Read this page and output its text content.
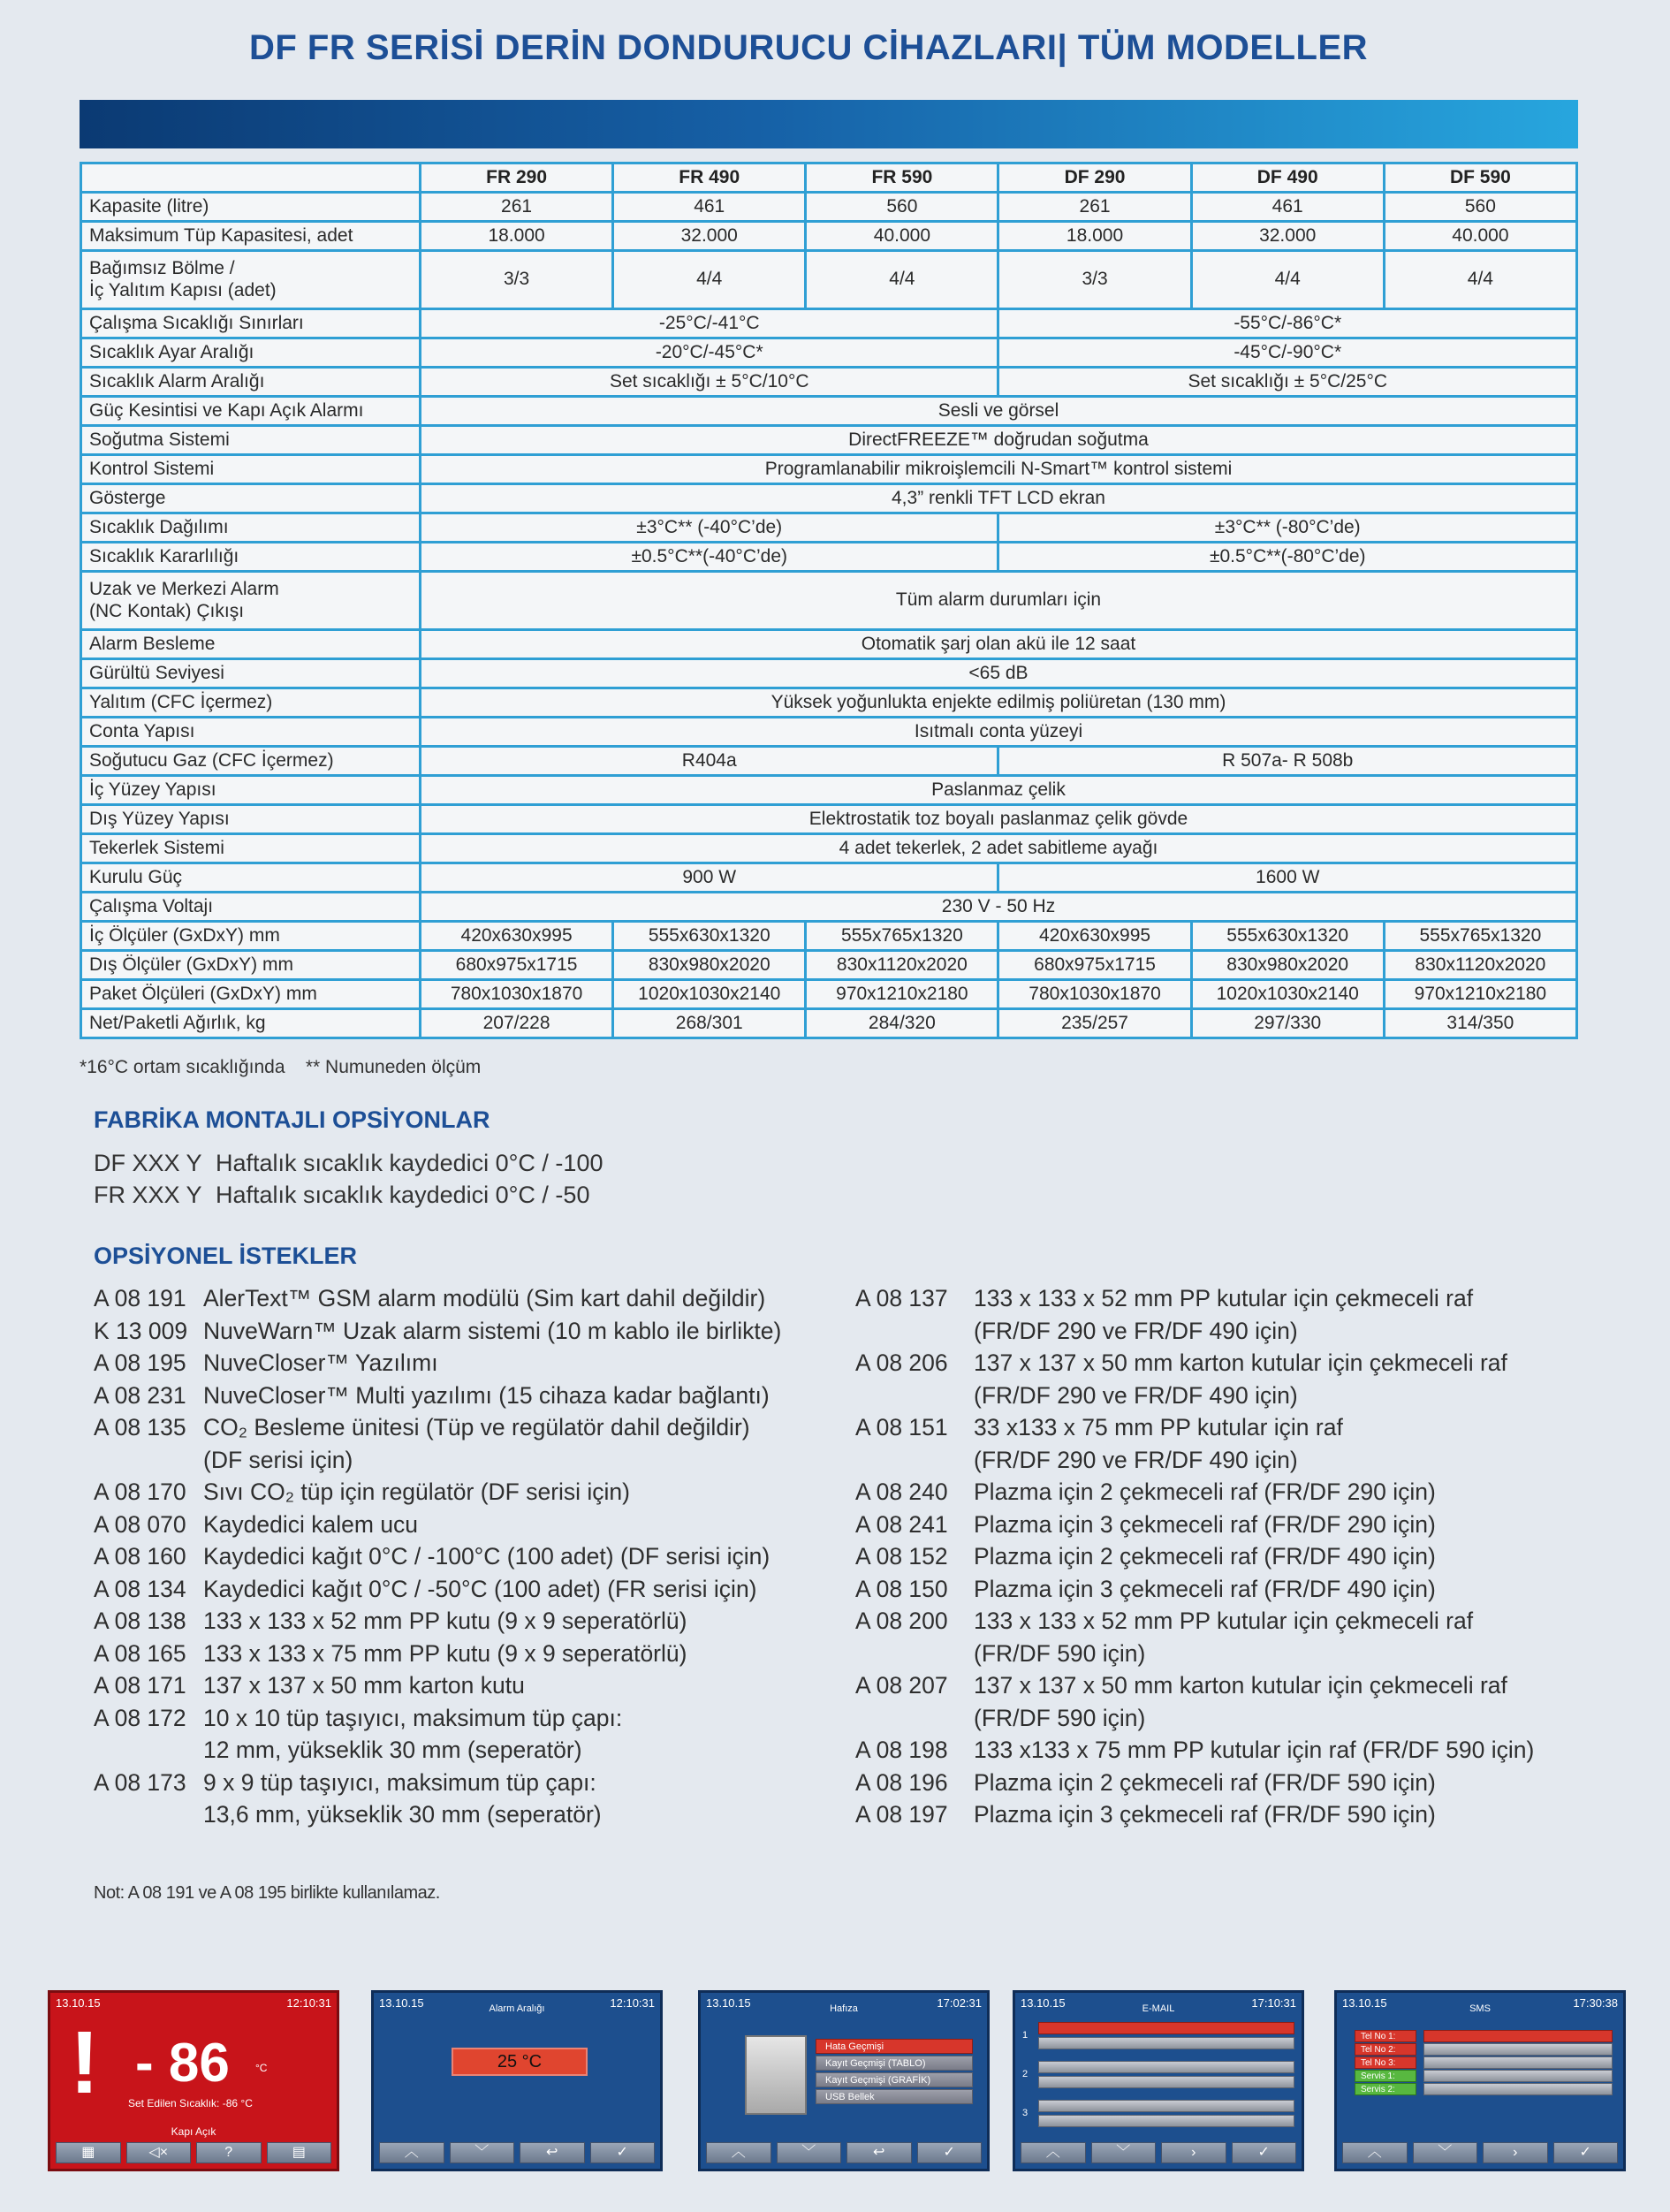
DF FR SERİSİ DERİN DONDURUCU CİHAZLARI| TÜM MODELLER
	FR 290	FR 490	FR 590	DF 290	DF 490	DF 590
Kapasite (litre)	261	461	560	261	461	560
Maksimum Tüp Kapasitesi, adet	18.000	32.000	40.000	18.000	32.000	40.000
Bağımsız Bölme /
İç Yalıtım Kapısı (adet)	3/3	4/4	4/4	3/3	4/4	4/4
Çalışma Sıcaklığı Sınırları	-25°C/-41°C			-55°C/-86°C*		
Sıcaklık Ayar Aralığı	-20°C/-45°C*			-45°C/-90°C*		
Sıcaklık Alarm Aralığı	Set sıcaklığı ± 5°C/10°C			Set sıcaklığı ± 5°C/25°C		
Güç Kesintisi ve Kapı Açık Alarmı	Sesli ve görsel					
Soğutma Sistemi	DirectFREEZE™ doğrudan soğutma					
Kontrol Sistemi	Programlanabilir mikroişlemcili N-Smart™ kontrol sistemi					
Gösterge	4,3” renkli TFT LCD ekran					
Sıcaklık Dağılımı	±3°C** (-40°C’de)			±3°C** (-80°C’de)		
Sıcaklık Kararlılığı	±0.5°C**(-40°C’de)			±0.5°C**(-80°C’de)		
Uzak ve Merkezi Alarm
(NC Kontak) Çıkışı	Tüm alarm durumları için					
Alarm Besleme	Otomatik şarj olan akü ile 12 saat					
Gürültü Seviyesi	<65 dB					
Yalıtım (CFC İçermez)	Yüksek yoğunlukta enjekte edilmiş poliüretan (130 mm)					
Conta Yapısı	Isıtmalı conta yüzeyi					
Soğutucu Gaz (CFC İçermez)	R404a			R 507a- R 508b		
İç Yüzey Yapısı	Paslanmaz çelik					
Dış Yüzey Yapısı	Elektrostatik toz boyalı paslanmaz çelik gövde					
Tekerlek Sistemi	4 adet tekerlek, 2 adet sabitleme ayağı					
Kurulu Güç	900 W			1600 W		
Çalışma Voltajı	230 V - 50 Hz					
İç Ölçüler (GxDxY) mm	420x630x995	555x630x1320	555x765x1320	420x630x995	555x630x1320	555x765x1320
Dış Ölçüler (GxDxY) mm	680x975x1715	830x980x2020	830x1120x2020	680x975x1715	830x980x2020	830x1120x2020
Paket Ölçüleri (GxDxY) mm	780x1030x1870	1020x1030x2140	970x1210x2180	780x1030x1870	1020x1030x2140	970x1210x2180
Net/Paketli Ağırlık, kg	207/228	268/301	284/320	235/257	297/330	314/350
*16°C ortam sıcaklığında    ** Numuneden ölçüm
FABRİKA MONTAJLI OPSİYONLAR
DF XXX Y Haftalık sıcaklık kaydedici 0°C / -100
FR XXX Y Haftalık sıcaklık kaydedici 0°C / -50
OPSİYONEL İSTEKLER
A 08 191 AlerText™ GSM alarm modülü (Sim kart dahil değildir)
K 13 009 NuveWarn™ Uzak alarm sistemi (10 m kablo ile birlikte)
A 08 195 NuveCloser™ Yazılımı
A 08 231 NuveCloser™ Multi yazılımı (15 cihaza kadar bağlantı)
A 08 135 CO₂ Besleme ünitesi (Tüp ve regülatör dahil değildir)
(DF serisi için)
A 08 170 Sıvı CO₂ tüp için regülatör (DF serisi için)
A 08 070 Kaydedici kalem ucu
A 08 160 Kaydedici kağıt 0°C / -100°C (100 adet) (DF serisi için)
A 08 134 Kaydedici kağıt 0°C / -50°C (100 adet) (FR serisi için)
A 08 138 133 x 133 x 52 mm PP kutu (9 x 9 seperatörlü)
A 08 165 133 x 133 x 75 mm PP kutu (9 x 9 seperatörlü)
A 08 171 137 x 137 x 50 mm karton kutu
A 08 172 10 x 10 tüp taşıyıcı, maksimum tüp çapı:
12 mm, yükseklik 30 mm (seperatör)
A 08 173 9 x 9 tüp taşıyıcı, maksimum tüp çapı:
13,6 mm, yükseklik 30 mm (seperatör)
A 08 137	133 x 133 x 52 mm PP kutular için çekmeceli raf
(FR/DF 290 ve FR/DF 490 için)
A 08 206	137 x 137 x 50 mm karton kutular için çekmeceli raf
(FR/DF 290 ve FR/DF 490 için)
A 08 151	33 x133 x 75 mm PP kutular için raf
(FR/DF 290 ve FR/DF 490 için)
A 08 240	Plazma için 2 çekmeceli raf (FR/DF 290 için)
A 08 241	Plazma için 3 çekmeceli raf (FR/DF 290 için)
A 08 152	Plazma için 2 çekmeceli raf (FR/DF 490 için)
A 08 150	Plazma için 3 çekmeceli raf (FR/DF 490 için)
A 08 200	133 x 133 x 52 mm PP kutular için çekmeceli raf
(FR/DF 590 için)
A 08 207	137 x 137 x 50 mm karton kutular için çekmeceli raf
(FR/DF 590 için)
A 08 198	133 x133 x 75 mm PP kutular için raf (FR/DF 590 için)
A 08 196	Plazma için 2 çekmeceli raf (FR/DF 590 için)
A 08 197	Plazma için 3 çekmeceli raf (FR/DF 590 için)
Not: A 08 191 ve A 08 195 birlikte kullanılamaz.
13.10.15	12:10:31
! - 86 °C
Set Edilen Sıcaklık: -86 °C
Kapı Açık
▦	◁×	?	▤
13.10.15	Alarm Aralığı	12:10:31
25 °C
︿	﹀	↩	✓
13.10.15	Hafıza	17:02:31
Hata Geçmişi
Kayıt Geçmişi (TABLO)
Kayıt Geçmişi (GRAFİK)
USB Bellek
︿	﹀	↩	✓
13.10.15	E-MAIL	17:10:31
1
2
3
︿	﹀	›	✓
13.10.15	SMS	17:30:38
Tel No 1:
Tel No 2:
Tel No 3:
Servis 1:
Servis 2:
︿	﹀	›	✓
